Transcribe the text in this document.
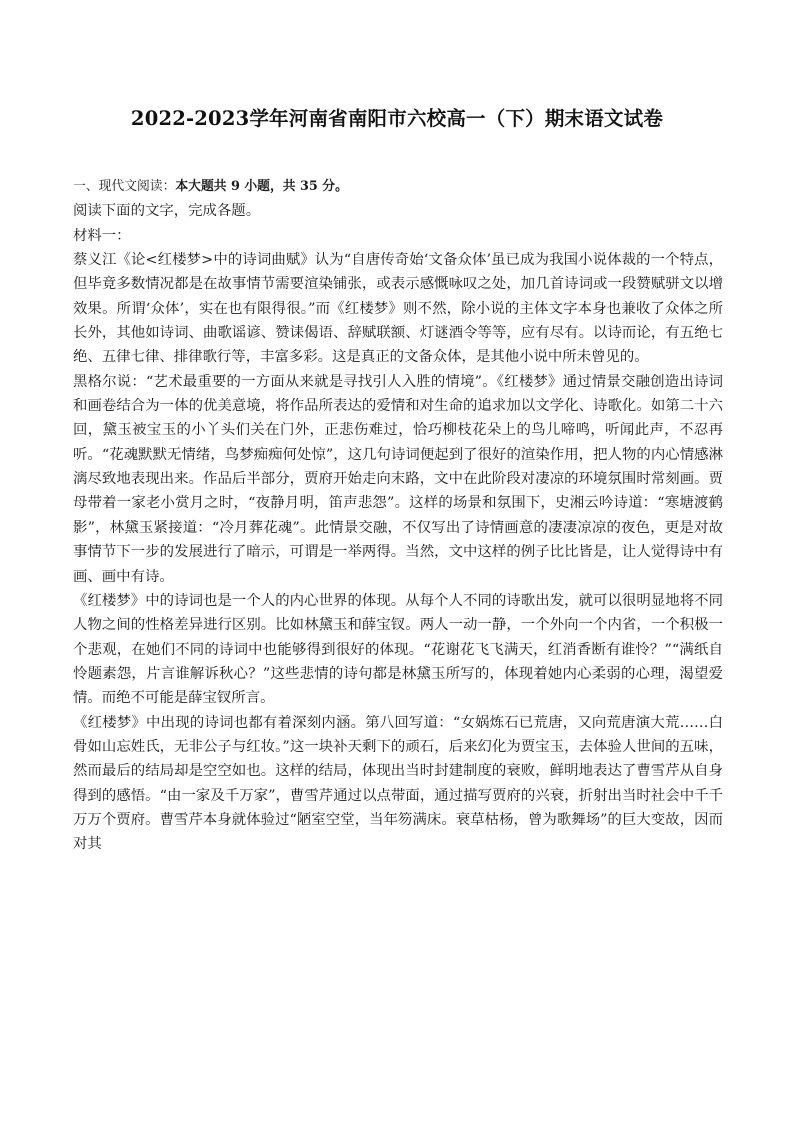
2022-2023学年河南省南阳市六校高一（下）期末语文试卷

一、现代文阅读：本大题共 9 小题，共 35 分。

阅读下面的文字，完成各题。

材料一：

蔡义江《论<红楼梦>中的诗词曲赋》认为“自唐传奇始‘文备众体’虽已成为我国小说体裁的一个特点，但毕竟多数情况都是在故事情节需要渲染铺张，或表示感慨咏叹之处，加几首诗词或一段赞赋骈文以增效果。所谓‘众体’，实在也有限得很。”而《红楼梦》则不然，除小说的主体文字本身也兼收了众体之所长外，其他如诗词、曲歌谣谚、赞诔偈语、辞赋联额、灯谜酒令等等，应有尽有。以诗而论，有五绝七绝、五律七律、排律歌行等，丰富多彩。这是真正的文备众体，是其他小说中所未曾见的。

黑格尔说：“艺术最重要的一方面从来就是寻找引人入胜的情境”。《红楼梦》通过情景交融创造出诗词和画卷结合为一体的优美意境，将作品所表达的爱情和对生命的追求加以文学化、诗歌化。如第二十六回，黛玉被宝玉的小丫头们关在门外，正悲伤难过，恰巧柳枝花朵上的鸟儿啼鸣，听闻此声，不忍再听。“花魂默默无情绪，鸟梦痴痴何处惊”，这几句诗词便起到了很好的渲染作用，把人物的内心情感淋漓尽致地表现出来。作品后半部分，贾府开始走向末路，文中在此阶段对凄凉的环境氛围时常刻画。贾母带着一家老小赏月之时，“夜静月明，笛声悲怨”。这样的场景和氛围下，史湘云吟诗道：“寒塘渡鹤影”，林黛玉紧接道：“冷月葬花魂”。此情景交融，不仅写出了诗情画意的凄凄凉凉的夜色，更是对故事情节下一步的发展进行了暗示，可谓是一举两得。当然，文中这样的例子比比皆是，让人觉得诗中有画、画中有诗。

《红楼梦》中的诗词也是一个人的内心世界的体现。从每个人不同的诗歌出发，就可以很明显地将不同人物之间的性格差异进行区别。比如林黛玉和薛宝钗。两人一动一静，一个外向一个内省，一个积极一个悲观，在她们不同的诗词中也能够得到很好的体现。“花谢花飞飞满天，红消香断有谁怜？”“满纸自怜题素怨，片言谁解诉秋心？”这些悲情的诗句都是林黛玉所写的，体现着她内心柔弱的心理，渴望爱情。而绝不可能是薛宝钗所言。

《红楼梦》中出现的诗词也都有着深刻内涵。第八回写道：“女娲炼石已荒唐，又向荒唐演大荒……白骨如山忘姓氏，无非公子与红妆。”这一块补天剩下的顽石，后来幻化为贾宝玉，去体验人世间的五味，然而最后的结局却是空空如也。这样的结局，体现出当时封建制度的衰败，鲜明地表达了曹雪芹从自身得到的感悟。“由一家及千万家”，曹雪芹通过以点带面，通过描写贾府的兴衰，折射出当时社会中千千万万个贾府。曹雪芹本身就体验过“陋室空堂，当年笏满床。衰草枯杨，曾为歌舞场”的巨大变故，因而对其
